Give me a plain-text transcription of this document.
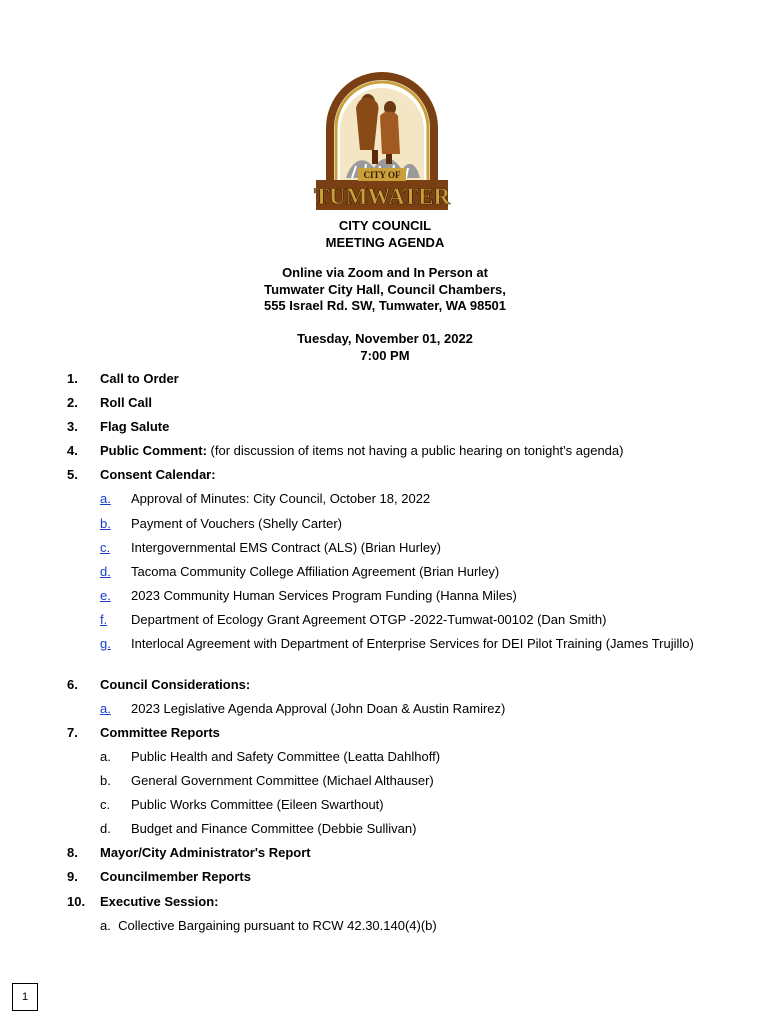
CITY OF
TUMWATER
CITY COUNCIL
MEETING AGENDA
Online via Zoom and In Person at
Tumwater City Hall, Council Chambers,
555 Israel Rd. SW, Tumwater, WA 98501
Tuesday, November 01, 2022
7:00 PM
1. Call to Order
2. Roll Call
3. Flag Salute
4. Public Comment: (for discussion of items not having a public hearing on tonight's agenda)
5. Consent Calendar:
a. Approval of Minutes: City Council, October 18, 2022
b. Payment of Vouchers (Shelly Carter)
c. Intergovernmental EMS Contract (ALS) (Brian Hurley)
d. Tacoma Community College Affiliation Agreement (Brian Hurley)
e. 2023 Community Human Services Program Funding (Hanna Miles)
f. Department of Ecology Grant Agreement OTGP -2022-Tumwat-00102 (Dan Smith)
g. Interlocal Agreement with Department of Enterprise Services for DEI Pilot Training (James Trujillo)
6. Council Considerations:
a. 2023 Legislative Agenda Approval (John Doan & Austin Ramirez)
7. Committee Reports
a. Public Health and Safety Committee (Leatta Dahlhoff)
b. General Government Committee (Michael Althauser)
c. Public Works Committee (Eileen Swarthout)
d. Budget and Finance Committee (Debbie Sullivan)
8. Mayor/City Administrator's Report
9. Councilmember Reports
10. Executive Session:
a. Collective Bargaining pursuant to RCW 42.30.140(4)(b)
1
